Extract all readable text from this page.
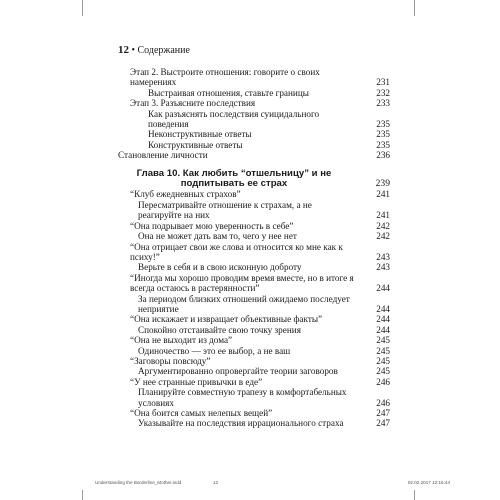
12 • Содержание
Этап 2. Выстроите отношения: говорите о своих намерениях	231
Выстраивая отношения, ставьте границы	232
Этап 3. Разъясните последствия	233
Как разъяснять последствия суицидального поведения	235
Неконструктивные ответы	235
Конструктивные ответы	235
Становление личности	236
Глава 10. Как любить “отшельницу” и не подпитывать ее страх	239
“Клуб ежедневных страхов”	241
Пересматривайте отношение к страхам, а не реагируйте на них	241
“Она подрывает мою уверенность в себе”	242
Она не может дать вам то, чего у нее нет	242
“Она отрицает свои же слова и относится ко мне как к психу!”	243
Верьте в себя и в свою исконную доброту	243
“Иногда мы хорошо проводим время вместе, но в итоге я всегда остаюсь в растерянности”	244
За периодом близких отношений ожидаемо последует неприятие	244
“Она искажает и извращает объективные факты”	244
Спокойно отстаивайте свою точку зрения	244
“Она не выходит из дома”	245
Одиночество — это ее выбор, а не ваш	245
“Заговоры повсюду”	245
Аргументированно опровергайте теории заговоров	245
“У нее странные привычки в еде”	246
Планируйте совместную трапезу в комфортабельных условиях	246
“Она боится самых нелепых вещей”	247
Указывайте на последствия иррационального страха	247
Understanding the Borderline_Mother.indd	12	02.02.2017 12:15:44
